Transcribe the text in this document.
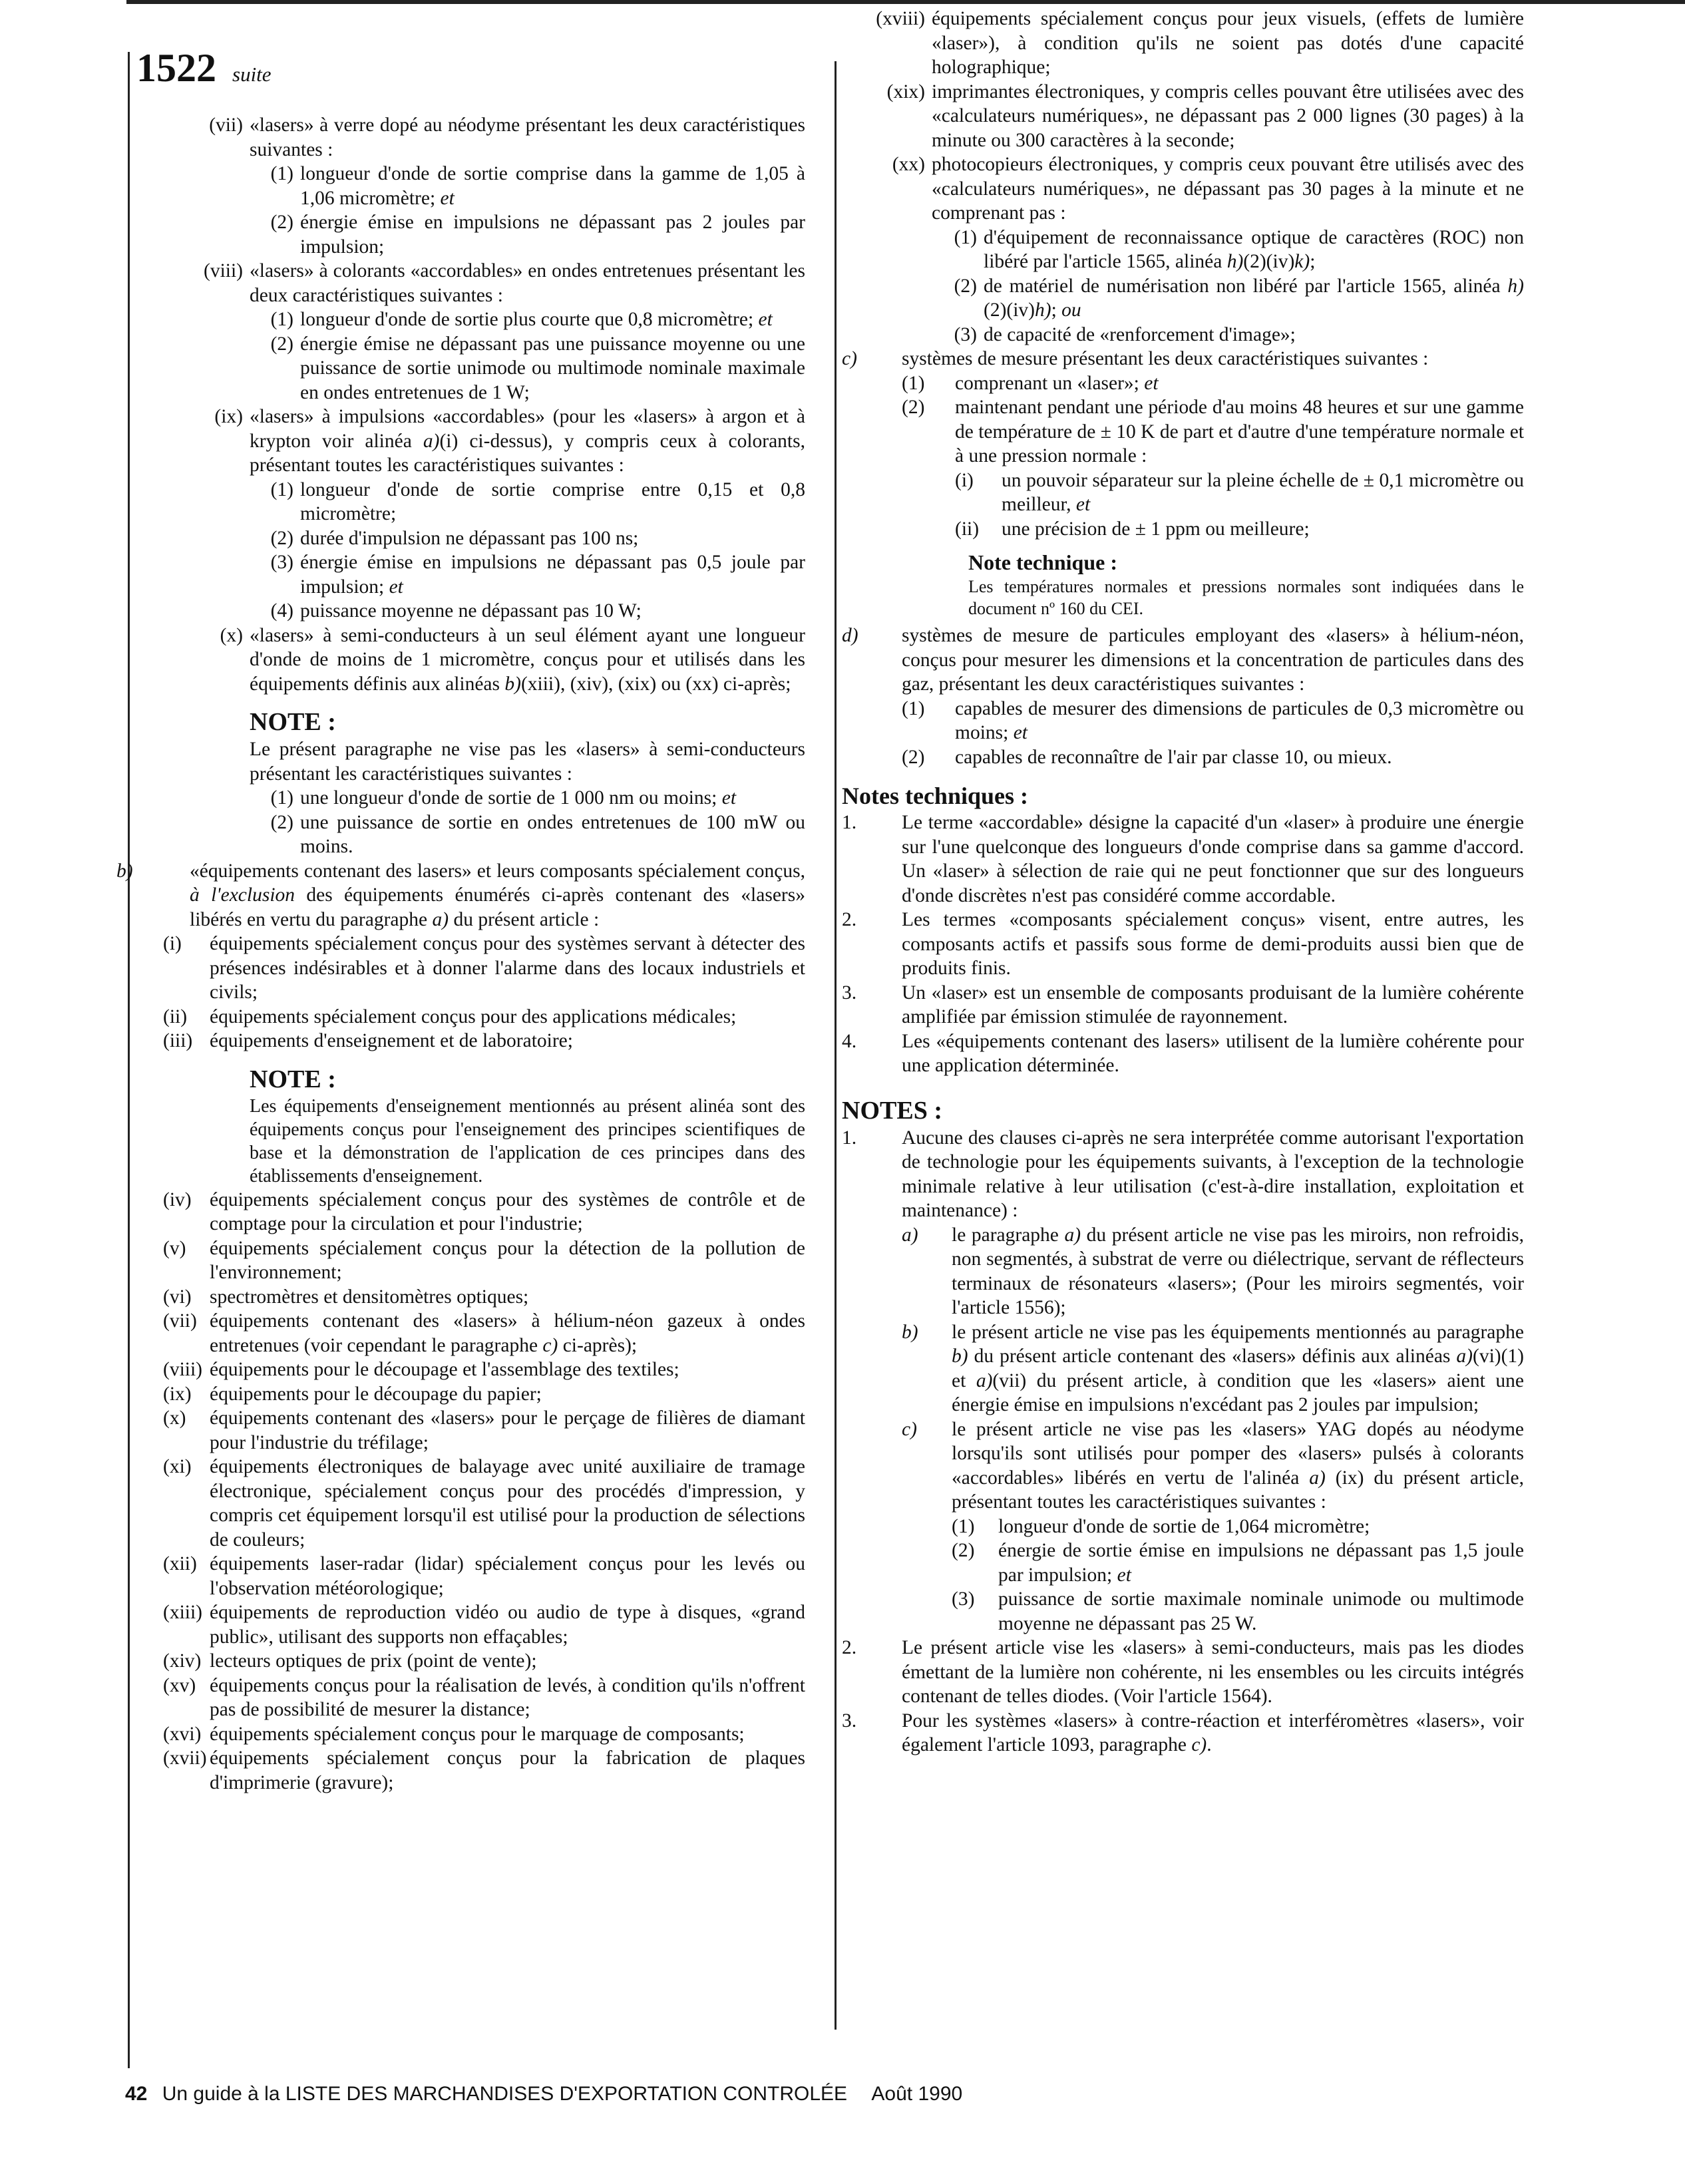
1522 suite
(vii) «lasers» à verre dopé au néodyme présentant les deux caractéristiques suivantes :
(1) longueur d'onde de sortie comprise dans la gamme de 1,05 à 1,06 micromètre; et
(2) énergie émise en impulsions ne dépassant pas 2 joules par impulsion;
(viii) «lasers» à colorants «accordables» en ondes entretenues présentant les deux caractéristiques suivantes :
(1) longueur d'onde de sortie plus courte que 0,8 micromètre; et
(2) énergie émise ne dépassant pas une puissance moyenne ou une puissance de sortie unimode ou multimode nominale maximale en ondes entretenues de 1 W;
(ix) «lasers» à impulsions «accordables» (pour les «lasers» à argon et à krypton voir alinéa a)(i) ci-dessus), y compris ceux à colorants, présentant toutes les caractéristiques suivantes :
(1) longueur d'onde de sortie comprise entre 0,15 et 0,8 micromètre;
(2) durée d'impulsion ne dépassant pas 100 ns;
(3) énergie émise en impulsions ne dépassant pas 0,5 joule par impulsion; et
(4) puissance moyenne ne dépassant pas 10 W;
(x) «lasers» à semi-conducteurs à un seul élément ayant une longueur d'onde de moins de 1 micromètre, conçus pour et utilisés dans les équipements définis aux alinéas b)(xiii), (xiv), (xix) ou (xx) ci-après;
NOTE :
Le présent paragraphe ne vise pas les «lasers» à semi-conducteurs présentant les caractéristiques suivantes :
(1) une longueur d'onde de sortie de 1 000 nm ou moins; et
(2) une puissance de sortie en ondes entretenues de 100 mW ou moins.
b)	«équipements contenant des lasers» et leurs composants spécialement conçus, à l'exclusion des équipements énumérés ci-après contenant des «lasers» libérés en vertu du paragraphe a) du présent article :
(i)	équipements spécialement conçus pour des systèmes servant à détecter des présences indésirables et à donner l'alarme dans des locaux industriels et civils;
(ii)	équipements spécialement conçus pour des applications médicales;
(iii) équipements d'enseignement et de laboratoire;
NOTE :
Les équipements d'enseignement mentionnés au présent alinéa sont des équipements conçus pour l'enseignement des principes scientifiques de base et la démonstration de l'application de ces principes dans des établissements d'enseignement.
(iv) équipements spécialement conçus pour des systèmes de contrôle et de comptage pour la circulation et pour l'industrie;
(v)	équipements spécialement conçus pour la détection de la pollution de l'environnement;
(vi) spectromètres et densitomètres optiques;
(vii) équipements contenant des «lasers» à hélium-néon gazeux à ondes entretenues (voir cependant le paragraphe c) ci-après);
(viii) équipements pour le découpage et l'assemblage des textiles;
(ix) équipements pour le découpage du papier;
(x)	équipements contenant des «lasers» pour le perçage de filières de diamant pour l'industrie du tréfilage;
(xi) équipements électroniques de balayage avec unité auxiliaire de tramage électronique, spécialement conçus pour des procédés d'impression, y compris cet équipement lorsqu'il est utilisé pour la production de sélections de couleurs;
(xii) équipements laser-radar (lidar) spécialement conçus pour les levés ou l'observation météorologique;
(xiii) équipements de reproduction vidéo ou audio de type à disques, «grand public», utilisant des supports non effaçables;
(xiv) lecteurs optiques de prix (point de vente);
(xv) équipements conçus pour la réalisation de levés, à condition qu'ils n'offrent pas de possibilité de mesurer la distance;
(xvi) équipements spécialement conçus pour le marquage de composants;
(xvii) équipements spécialement conçus pour la fabrication de plaques d'imprimerie (gravure);
(xviii) équipements spécialement conçus pour jeux visuels, (effets de lumière «laser»), à condition qu'ils ne soient pas dotés d'une capacité holographique;
(xix) imprimantes électroniques, y compris celles pouvant être utilisées avec des «calculateurs numériques», ne dépassant pas 2 000 lignes (30 pages) à la minute ou 300 caractères à la seconde;
(xx) photocopieurs électroniques, y compris ceux pouvant être utilisés avec des «calculateurs numériques», ne dépassant pas 30 pages à la minute et ne comprenant pas :
(1) d'équipement de reconnaissance optique de caractères (ROC) non libéré par l'article 1565, alinéa h)(2)(iv)k);
(2) de matériel de numérisation non libéré par l'article 1565, alinéa h)(2)(iv)h); ou
(3) de capacité de «renforcement d'image»;
c)	systèmes de mesure présentant les deux caractéristiques suivantes :
(1)	comprenant un «laser»; et
(2)	maintenant pendant une période d'au moins 48 heures et sur une gamme de température de ± 10 K de part et d'autre d'une température normale et à une pression normale :
(i)	un pouvoir séparateur sur la pleine échelle de ± 0,1 micromètre ou meilleur, et
(ii)	une précision de ± 1 ppm ou meilleure;
Note technique :
Les températures normales et pressions normales sont indiquées dans le document nº 160 du CEI.
d)	systèmes de mesure de particules employant des «lasers» à hélium-néon, conçus pour mesurer les dimensions et la concentration de particules dans des gaz, présentant les deux caractéristiques suivantes :
(1)	capables de mesurer des dimensions de particules de 0,3 micromètre ou moins; et
(2)	capables de reconnaître de l'air par classe 10, ou mieux.
Notes techniques :
1.	Le terme «accordable» désigne la capacité d'un «laser» à produire une énergie sur l'une quelconque des longueurs d'onde comprise dans sa gamme d'accord. Un «laser» à sélection de raie qui ne peut fonctionner que sur des longueurs d'onde discrètes n'est pas considéré comme accordable.
2.	Les termes «composants spécialement conçus» visent, entre autres, les composants actifs et passifs sous forme de demi-produits aussi bien que de produits finis.
3.	Un «laser» est un ensemble de composants produisant de la lumière cohérente amplifiée par émission stimulée de rayonnement.
4.	Les «équipements contenant des lasers» utilisent de la lumière cohérente pour une application déterminée.
NOTES :
1.	Aucune des clauses ci-après ne sera interprétée comme autorisant l'exportation de technologie pour les équipements suivants, à l'exception de la technologie minimale relative à leur utilisation (c'est-à-dire installation, exploitation et maintenance) :
a)	le paragraphe a) du présent article ne vise pas les miroirs, non refroidis, non segmentés, à substrat de verre ou diélectrique, servant de réflecteurs terminaux de résonateurs «lasers»; (Pour les miroirs segmentés, voir l'article 1556);
b)	le présent article ne vise pas les équipements mentionnés au paragraphe b) du présent article contenant des «lasers» définis aux alinéas a)(vi)(1) et a)(vii) du présent article, à condition que les «lasers» aient une énergie émise en impulsions n'excédant pas 2 joules par impulsion;
c)	le présent article ne vise pas les «lasers» YAG dopés au néodyme lorsqu'ils sont utilisés pour pomper des «lasers» pulsés à colorants «accordables» libérés en vertu de l'alinéa a) (ix) du présent article, présentant toutes les caractéristiques suivantes :
(1)	longueur d'onde de sortie de 1,064 micromètre;
(2)	énergie de sortie émise en impulsions ne dépassant pas 1,5 joule par impulsion; et
(3)	puissance de sortie maximale nominale unimode ou multimode moyenne ne dépassant pas 25 W.
2.	Le présent article vise les «lasers» à semi-conducteurs, mais pas les diodes émettant de la lumière non cohérente, ni les ensembles ou les circuits intégrés contenant de telles diodes. (Voir l'article 1564).
3.	Pour les systèmes «lasers» à contre-réaction et interféromètres «lasers», voir également l'article 1093, paragraphe c).
42 Un guide à la LISTE DES MARCHANDISES D'EXPORTATION CONTROLÉE Août 1990
